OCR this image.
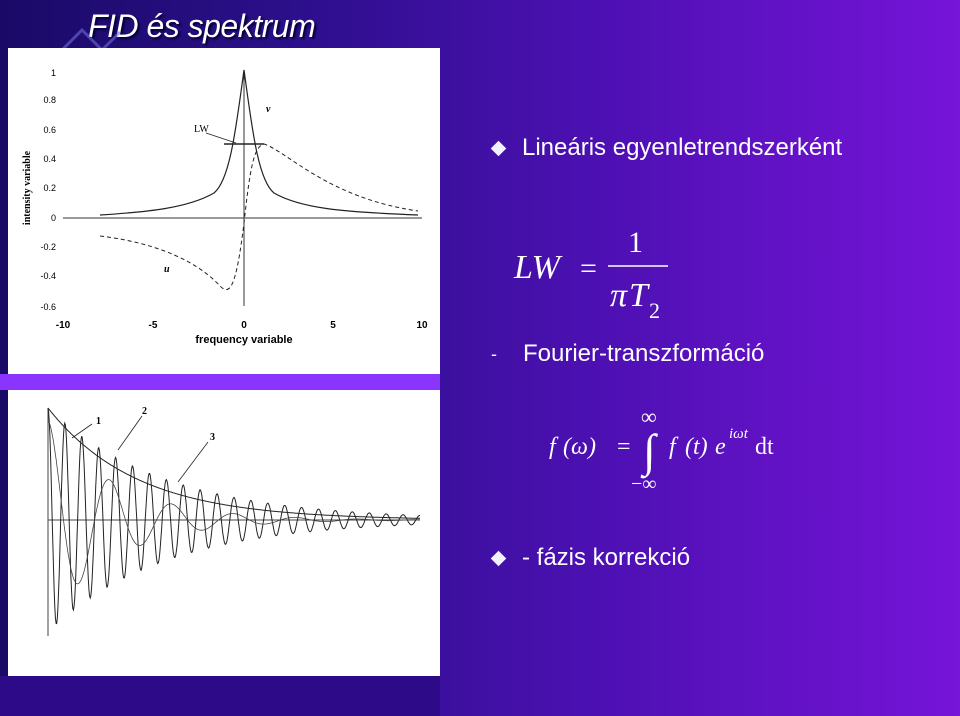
FID és spektrum
1
0.8
0.6
0.4
0.2
0
-0.2
-0.4
-0.6
-10	-5	0	5	10
frequency variable
intensity variable
LW
v
u
1
2
3
Lineáris egyenletrendszerként
LW =
1
π T 2
-	Fourier-transzformáció
f (ω) =
∞
∫
−∞
f (t) e iωt dt
- fázis korrekció
